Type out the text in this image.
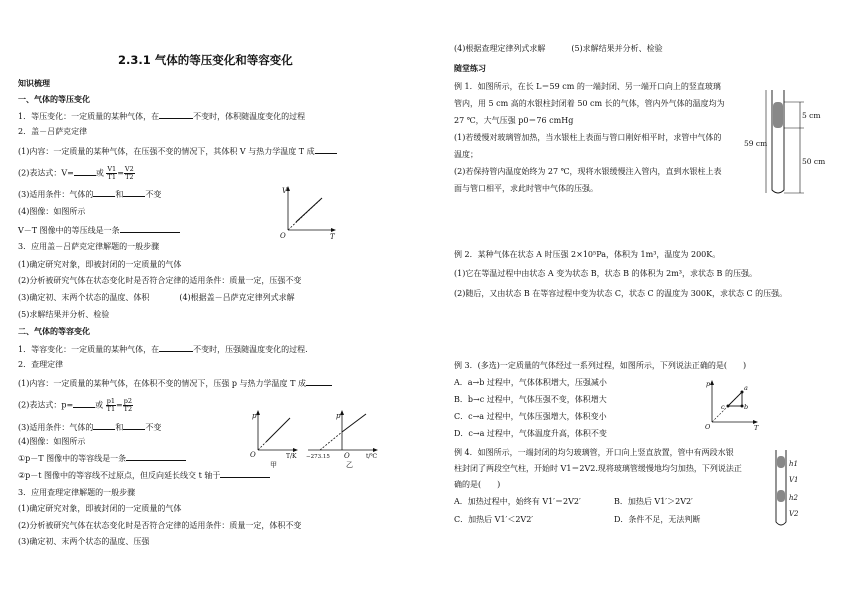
2.3.1 气体的等压变化和等容变化
知识梳理
一、气体的等压变化
1．等压变化：一定质量的某种气体，在	不变时，体积随温度变化的过程
2．盖－吕萨克定律
(1)内容：一定质量的某种气体，在压强不变的情况下，其体积 V 与热力学温度 T 成
(2)表达式：V=	或 $\frac{V1}{T1}= \frac{V2}{T2}$
(3)适用条件：气体的	和	不变
(4)图像：如图所示
V－T 图像中的等压线是一条
3．应用盖－吕萨克定律解题的一般步骤
(1)确定研究对象，即被封闭的一定质量的气体
(2)分析被研究气体在状态变化时是否符合定律的适用条件：质量一定，压强不变
(3)确定初、末两个状态的温度、体积	(4)根据盖－吕萨克定律列式求解
(5)求解结果并分析、检验
V
O	T
二、气体的等容变化
1．等容变化：一定质量的某种气体，在	不变时，压强随温度变化的过程.
2．查理定律
(1)内容：一定质量的某种气体，在体积不变的情况下，压强 p 与热力学温度 T 成
(2)表达式：p=	或 $\frac{p1}{T1}= \frac{p2}{T2}$
(3)适用条件：气体的	和	不变
(4)图像：如图所示
①p－T 图像中的等容线是一条
②p－t 图像中的等容线不过原点，但反向延长线交 t 轴于
3．应用查理定律解题的一般步骤
(1)确定研究对象，即被封闭的一定质量的气体
(2)分析被研究气体在状态变化时是否符合定律的适用条件：质量一定，体积不变
(3)确定初、末两个状态的温度、压强
p
O	T/K
甲
p
−273.15 O	t/℃
乙
(4)根据查理定律列式求解	(5)求解结果并分析、检验
随堂练习
例 1．如图所示，在长 L＝59 cm 的一端封闭、另一端开口向上的竖直玻璃
管内，用 5 cm 高的水银柱封闭着 50 cm 长的气体，管内外气体的温度均为
27 ℃，大气压强 p0＝76 cmHg
(1)若缓慢对玻璃管加热，当水银柱上表面与管口刚好相平时，求管中气体的
温度；
(2)若保持管内温度始终为 27 ℃，现将水银缓慢注入管内，直到水银柱上表
面与管口相平，求此时管中气体的压强。
5 cm
59 cm
50 cm
例 2．某种气体在状态 A 时压强 2×10⁵Pa，体积为 1m³，温度为 200K。
(1)它在等温过程中由状态 A 变为状态 B，状态 B 的体积为 2m³，求状态 B 的压强。
(2)随后，又由状态 B 在等容过程中变为状态 C，状态 C 的温度为 300K，求状态 C 的压强。
例 3．(多选)一定质量的气体经过一系列过程，如图所示，下列说法正确的是(　　)
A．a→b 过程中，气体体积增大，压强减小
B．b→c 过程中，气体压强不变，体积增大
C．c→a 过程中，气体压强增大，体积变小
D．c→a 过程中，气体温度升高，体积不变
p	a
b
c
O	T
例 4．如图所示，一端封闭的均匀玻璃管，开口向上竖直放置，管中有两段水银
柱封闭了两段空气柱，开始时 V1＝2V2.现将玻璃管缓慢地均匀加热，下列说法正
确的是(　　)
A．加热过程中，始终有 V1′＝2V2′	B．加热后 V1′＞2V2′
C．加热后 V1′＜2V2′	D．条件不足，无法判断
h1
V1
h2
V2
